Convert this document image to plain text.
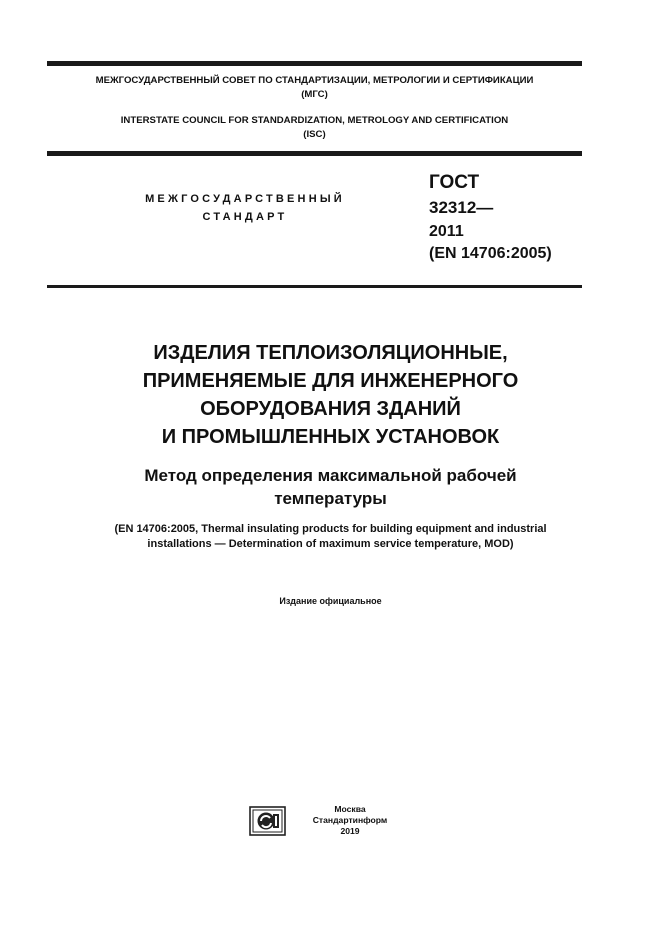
МЕЖГОСУДАРСТВЕННЫЙ СОВЕТ ПО СТАНДАРТИЗАЦИИ, МЕТРОЛОГИИ И СЕРТИФИКАЦИИ
(МГС)
INTERSTATE COUNCIL FOR STANDARDIZATION, METROLOGY AND CERTIFICATION
(ISC)
МЕЖГОСУДАРСТВЕННЫЙ
СТАНДАРТ
ГОСТ
32312—
2011
(EN 14706:2005)
ИЗДЕЛИЯ ТЕПЛОИЗОЛЯЦИОННЫЕ,
ПРИМЕНЯЕМЫЕ ДЛЯ ИНЖЕНЕРНОГО
ОБОРУДОВАНИЯ ЗДАНИЙ
И ПРОМЫШЛЕННЫХ УСТАНОВОК
Метод определения максимальной рабочей
температуры
(EN 14706:2005, Thermal insulating products for building equipment and industrial
installations — Determination of maximum service temperature, MOD)
Издание официальное
Москва
Стандартинформ
2019
